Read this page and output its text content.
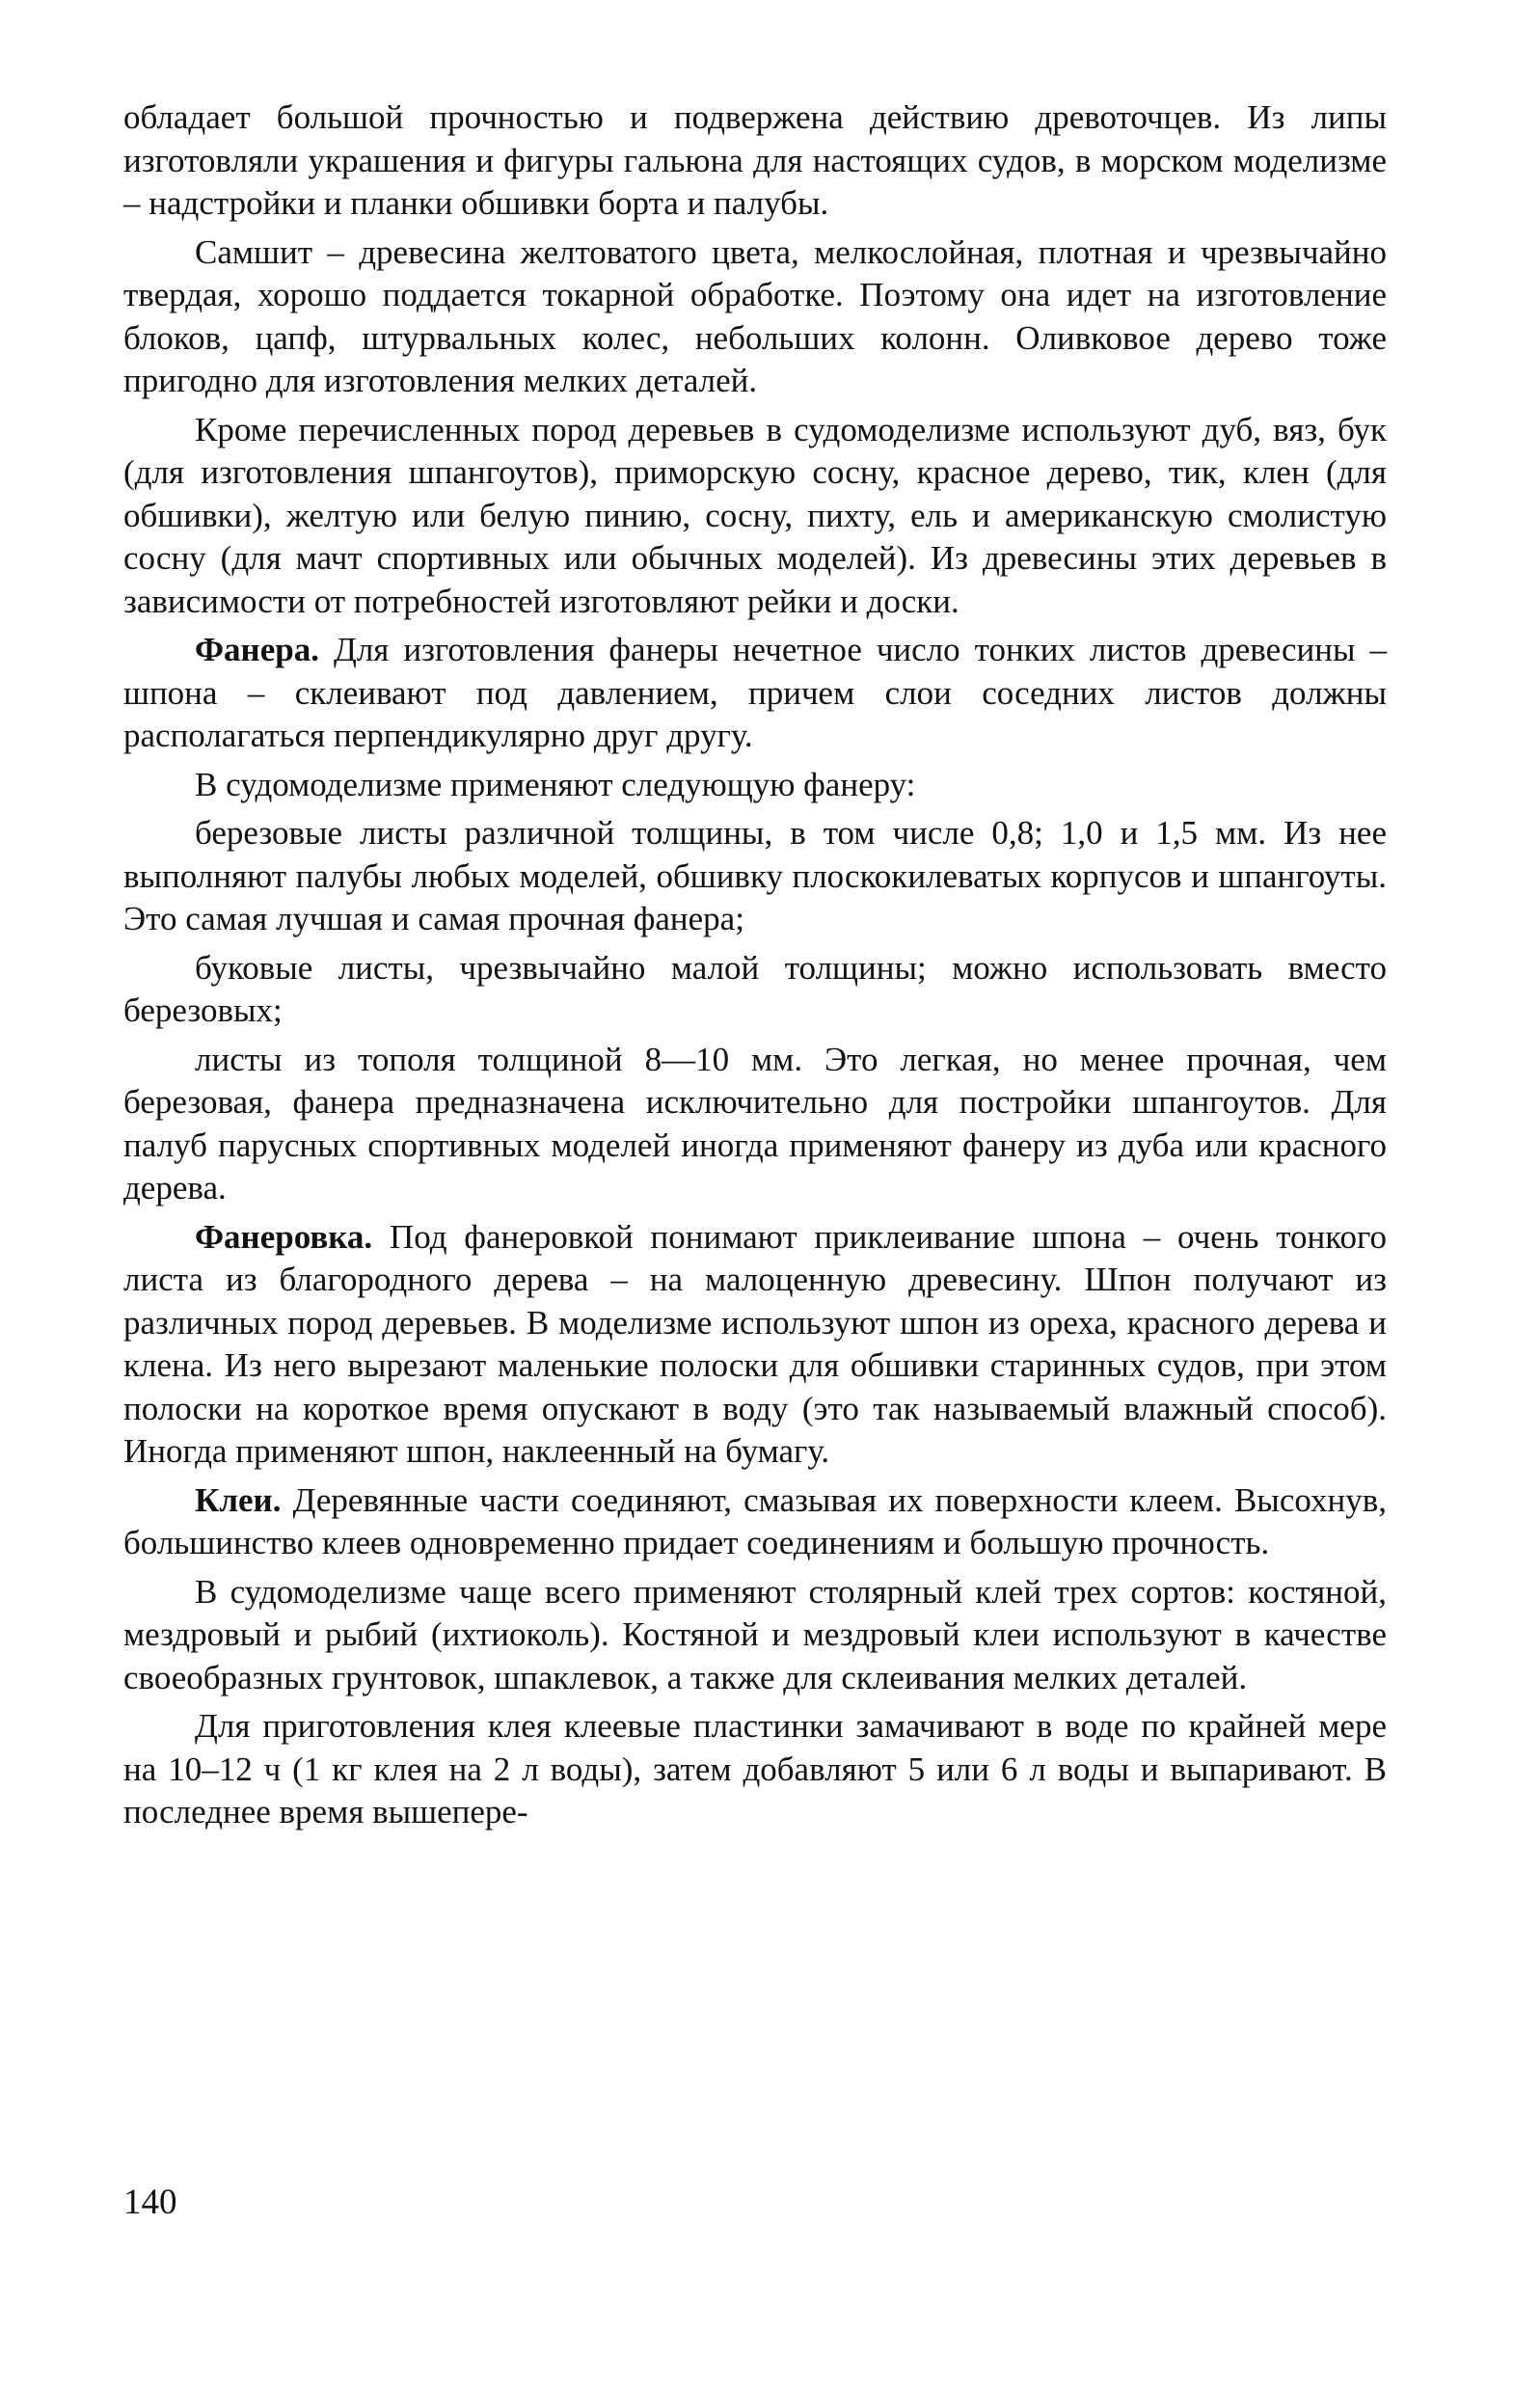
обладает большой прочностью и подвержена действию древоточцев. Из липы изготовляли украшения и фигуры гальюна для настоящих судов, в морском моделизме – надстройки и планки обшивки борта и палубы.

Самшит – древесина желтоватого цвета, мелкослойная, плотная и чрезвычайно твердая, хорошо поддается токарной обработке. Поэтому она идет на изготовление блоков, цапф, штурвальных колес, небольших колонн. Оливковое дерево тоже пригодно для изготовления мелких деталей.

Кроме перечисленных пород деревьев в судомоделизме используют дуб, вяз, бук (для изготовления шпангоутов), приморскую сосну, красное дерево, тик, клен (для обшивки), желтую или белую пинию, сосну, пихту, ель и американскую смолистую сосну (для мачт спортивных или обычных моделей). Из древесины этих деревьев в зависимости от потребностей изготовляют рейки и доски.

Фанера. Для изготовления фанеры нечетное число тонких листов древесины – шпона – склеивают под давлением, причем слои соседних листов должны располагаться перпендикулярно друг другу.

В судомоделизме применяют следующую фанеру:

березовые листы различной толщины, в том числе 0,8; 1,0 и 1,5 мм. Из нее выполняют палубы любых моделей, обшивку плоскокилеватых корпусов и шпангоуты. Это самая лучшая и самая прочная фанера;

буковые листы, чрезвычайно малой толщины; можно использовать вместо березовых;

листы из тополя толщиной 8—10 мм. Это легкая, но менее прочная, чем березовая, фанера предназначена исключительно для постройки шпангоутов. Для палуб парусных спортивных моделей иногда применяют фанеру из дуба или красного дерева.

Фанеровка. Под фанеровкой понимают приклеивание шпона – очень тонкого листа из благородного дерева – на малоценную древесину. Шпон получают из различных пород деревьев. В моделизме используют шпон из ореха, красного дерева и клена. Из него вырезают маленькие полоски для обшивки старинных судов, при этом полоски на короткое время опускают в воду (это так называемый влажный способ). Иногда применяют шпон, наклеенный на бумагу.

Клеи. Деревянные части соединяют, смазывая их поверхности клеем. Высохнув, большинство клеев одновременно придает соединениям и большую прочность.

В судомоделизме чаще всего применяют столярный клей трех сортов: костяной, мездровый и рыбий (ихтиоколь). Костяной и мездровый клеи используют в качестве своеобразных грунтовок, шпаклевок, а также для склеивания мелких деталей.

Для приготовления клея клеевые пластинки замачивают в воде по крайней мере на 10–12 ч (1 кг клея на 2 л воды), затем добавляют 5 или 6 л воды и выпаривают. В последнее время вышепере-

140
